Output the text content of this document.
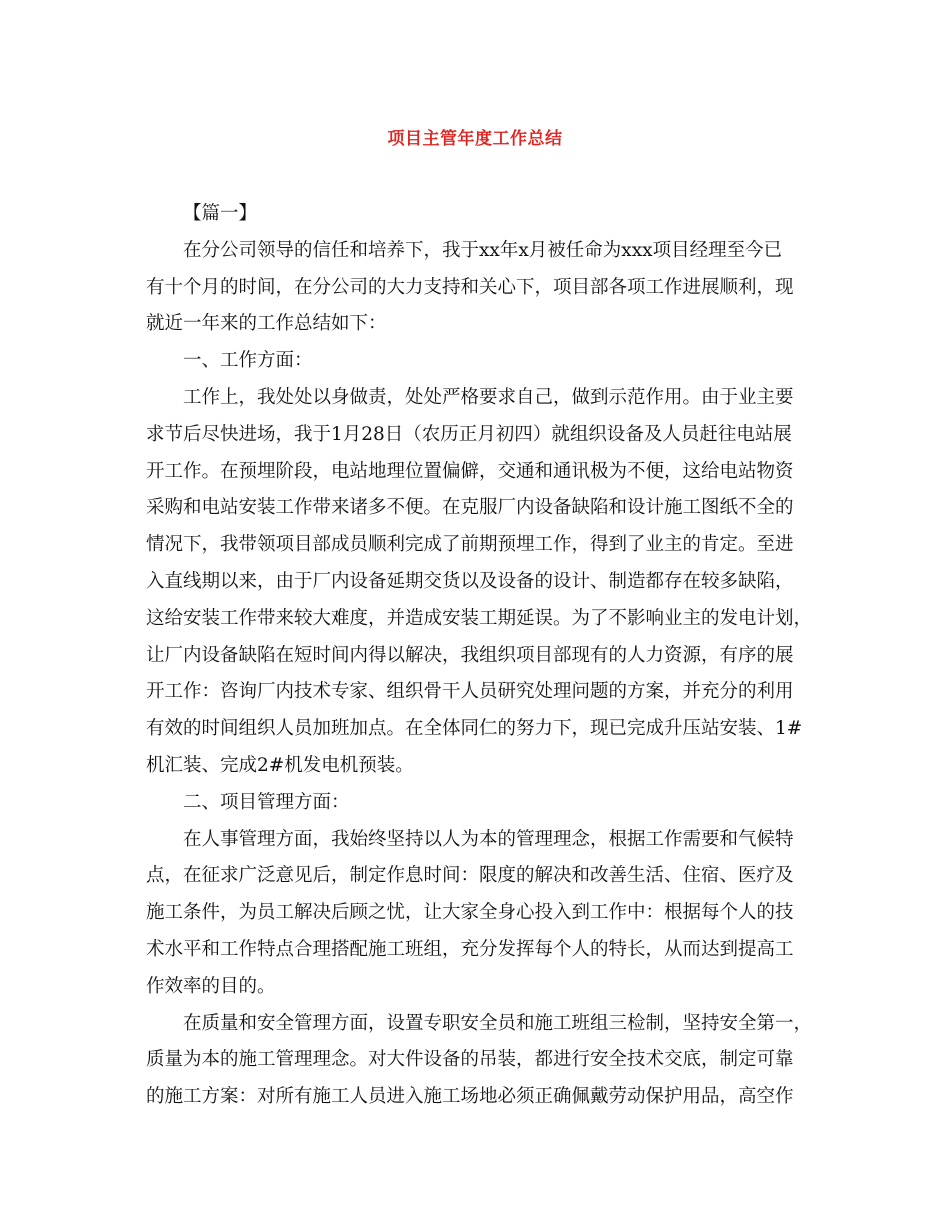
项目主管年度工作总结
【篇一】
在分公司领导的信任和培养下，我于xx年x月被任命为xxx项目经理至今已
有十个月的时间，在分公司的大力支持和关心下，项目部各项工作进展顺利，现
就近一年来的工作总结如下：
一、工作方面：
工作上，我处处以身做责，处处严格要求自己，做到示范作用。由于业主要
求节后尽快进场，我于1月28日（农历正月初四）就组织设备及人员赶往电站展
开工作。在预埋阶段，电站地理位置偏僻，交通和通讯极为不便，这给电站物资
采购和电站安装工作带来诸多不便。在克服厂内设备缺陷和设计施工图纸不全的
情况下，我带领项目部成员顺利完成了前期预埋工作，得到了业主的肯定。至进
入直线期以来，由于厂内设备延期交货以及设备的设计、制造都存在较多缺陷，
这给安装工作带来较大难度，并造成安装工期延误。为了不影响业主的发电计划，
让厂内设备缺陷在短时间内得以解决，我组织项目部现有的人力资源，有序的展
开工作：咨询厂内技术专家、组织骨干人员研究处理问题的方案，并充分的利用
有效的时间组织人员加班加点。在全体同仁的努力下，现已完成升压站安装、1#
机汇装、完成2#机发电机预装。
二、项目管理方面：
在人事管理方面，我始终坚持以人为本的管理理念，根据工作需要和气候特
点，在征求广泛意见后，制定作息时间：限度的解决和改善生活、住宿、医疗及
施工条件，为员工解决后顾之忧，让大家全身心投入到工作中：根据每个人的技
术水平和工作特点合理搭配施工班组，充分发挥每个人的特长，从而达到提高工
作效率的目的。
在质量和安全管理方面，设置专职安全员和施工班组三检制，坚持安全第一，
质量为本的施工管理理念。对大件设备的吊装，都进行安全技术交底，制定可靠
的施工方案：对所有施工人员进入施工场地必须正确佩戴劳动保护用品，高空作
